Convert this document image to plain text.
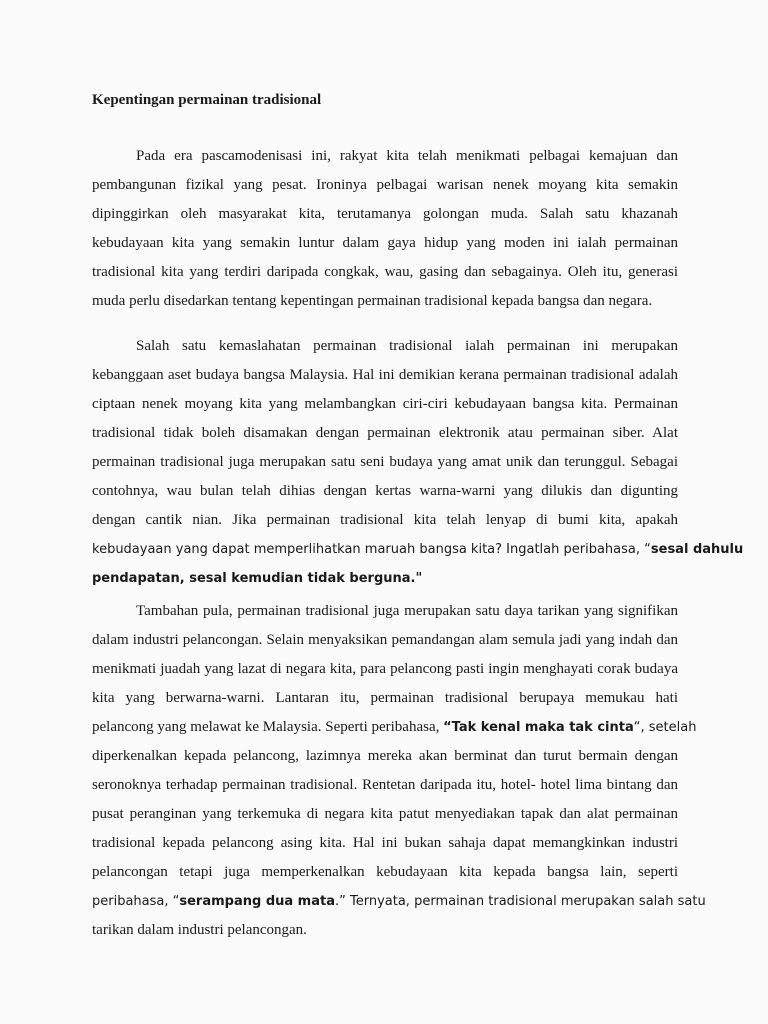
Kepentingan permainan tradisional

Pada era pascamodenisasi ini, rakyat kita telah menikmati pelbagai kemajuan dan
pembangunan fizikal yang pesat. Ironinya pelbagai warisan nenek moyang kita semakin
dipinggirkan oleh masyarakat kita, terutamanya golongan muda. Salah satu khazanah
kebudayaan kita yang semakin luntur dalam gaya hidup yang moden ini ialah permainan
tradisional kita yang terdiri daripada congkak, wau, gasing dan sebagainya. Oleh itu, generasi
muda perlu disedarkan tentang kepentingan permainan tradisional kepada bangsa dan negara.

Salah satu kemaslahatan permainan tradisional ialah permainan ini merupakan
kebanggaan aset budaya bangsa Malaysia. Hal ini demikian kerana permainan tradisional adalah
ciptaan nenek moyang kita yang melambangkan ciri-ciri kebudayaan bangsa kita. Permainan
tradisional tidak boleh disamakan dengan permainan elektronik atau permainan siber. Alat
permainan tradisional juga merupakan satu seni budaya yang amat unik dan terunggul. Sebagai
contohnya, wau bulan telah dihias dengan kertas warna-warni yang dilukis dan digunting
dengan cantik nian. Jika permainan tradisional kita telah lenyap di bumi kita, apakah
kebudayaan yang dapat memperlihatkan maruah bangsa kita? Ingatlah peribahasa, “sesal dahulu
pendapatan, sesal kemudian tidak berguna."

Tambahan pula, permainan tradisional juga merupakan satu daya tarikan yang signifikan
dalam industri pelancongan. Selain menyaksikan pemandangan alam semula jadi yang indah dan
menikmati juadah yang lazat di negara kita, para pelancong pasti ingin menghayati corak budaya
kita yang berwarna-warni. Lantaran itu, permainan tradisional berupaya memukau hati
pelancong yang melawat ke Malaysia. Seperti peribahasa, “Tak kenal maka tak cinta“, setelah
diperkenalkan kepada pelancong, lazimnya mereka akan berminat dan turut bermain dengan
seronoknya terhadap permainan tradisional. Rentetan daripada itu, hotel- hotel lima bintang dan
pusat peranginan yang terkemuka di negara kita patut menyediakan tapak dan alat permainan
tradisional kepada pelancong asing kita. Hal ini bukan sahaja dapat memangkinkan industri
pelancongan tetapi juga memperkenalkan kebudayaan kita kepada bangsa lain, seperti
peribahasa, “serampang dua mata.” Ternyata, permainan tradisional merupakan salah satu
tarikan dalam industri pelancongan.
